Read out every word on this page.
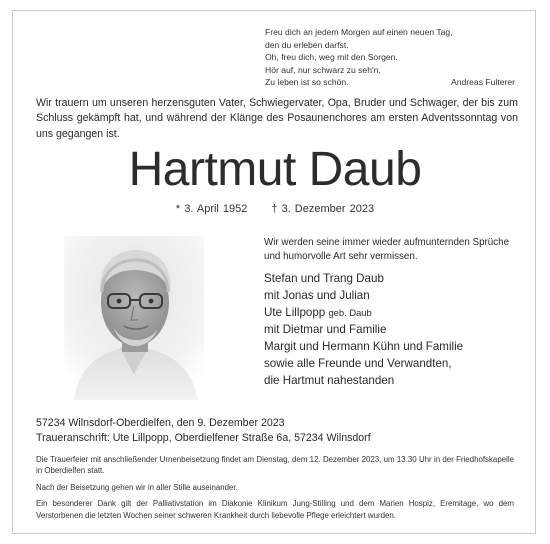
Freu dich an jedem Morgen auf einen neuen Tag,
den du erleben darfst.
Oh, freu dich, weg mit den Sorgen.
Hör auf, nur schwarz zu seh'n,
Zu leben ist so schön.	Andreas Fulterer
Wir trauern um unseren herzensguten Vater, Schwiegervater, Opa, Bruder und Schwager, der bis zum Schluss gekämpft hat, und während der Klänge des Posaunenchores am ersten Adventssonntag von uns gegangen ist.
Hartmut Daub
* 3. April 1952 † 3. Dezember 2023
Wir werden seine immer wieder aufmunternden Sprüche und humorvolle Art sehr vermissen.
Stefan und Trang Daub
mit Jonas und Julian
Ute Lillpopp geb. Daub
mit Dietmar und Familie
Margit und Hermann Kühn und Familie
sowie alle Freunde und Verwandten,
die Hartmut nahestanden
57234 Wilnsdorf-Oberdielfen, den 9. Dezember 2023
Traueranschrift: Ute Lillpopp, Oberdielfener Straße 6a, 57234 Wilnsdorf

Die Trauerfeier mit anschließender Urnenbeisetzung findet am Dienstag, dem 12. Dezember 2023, um 13.30 Uhr in der Friedhofskapelle in Oberdielfen statt.

Nach der Beisetzung gehen wir in aller Stille auseinander.

Ein besonderer Dank gilt der Palliativstation im Diakonie Klinikum Jung-Stilling und dem Marien Hospiz, Eremitage, wo dem Verstorbenen die letzten Wochen seiner schweren Krankheit durch liebevolle Pflege erleichtert wurden.
